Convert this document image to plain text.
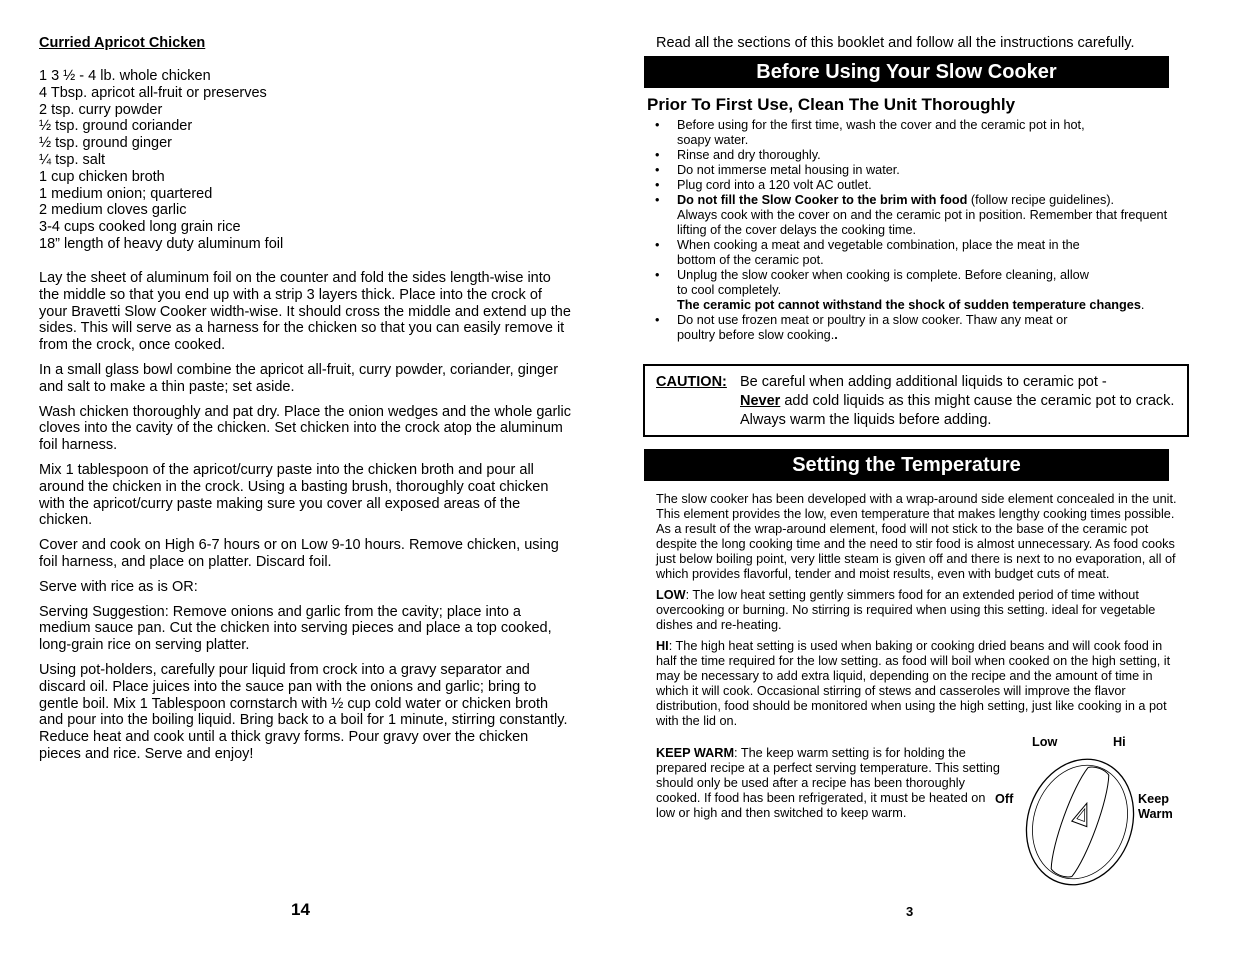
Curried Apricot Chicken
1 3 ½ - 4 lb. whole chicken
4 Tbsp. apricot all-fruit or preserves
2 tsp. curry powder
½ tsp. ground coriander
½ tsp. ground ginger
¼ tsp. salt
1 cup chicken broth
1 medium onion; quartered
2 medium cloves garlic
3-4 cups cooked long grain rice
18” length of heavy duty aluminum foil

Lay the sheet of aluminum foil on the counter and fold the sides length-wise into the middle so that you end up with a strip 3 layers thick. Place into the crock of your Bravetti Slow Cooker width-wise. It should cross the middle and extend up the sides. This will serve as a harness for the chicken so that you can easily remove it from the crock, once cooked.

In a small glass bowl combine the apricot all-fruit, curry powder, coriander, ginger and salt to make a thin paste; set aside.

Wash chicken thoroughly and pat dry. Place the onion wedges and the whole garlic cloves into the cavity of the chicken. Set chicken into the crock atop the aluminum foil harness.

Mix 1 tablespoon of the apricot/curry paste into the chicken broth and pour all around the chicken in the crock. Using a basting brush, thoroughly coat chicken with the apricot/curry paste making sure you cover all exposed areas of the chicken.

Cover and cook on High 6-7 hours or on Low 9-10 hours. Remove chicken, using foil harness, and place on platter. Discard foil.

Serve with rice as is OR:

Serving Suggestion: Remove onions and garlic from the cavity; place into a medium sauce pan. Cut the chicken into serving pieces and place a top cooked, long-grain rice on serving platter.

Using pot-holders, carefully pour liquid from crock into a gravy separator and discard oil. Place juices into the sauce pan with the onions and garlic; bring to gentle boil. Mix 1 Tablespoon cornstarch with ½ cup cold water or chicken broth and pour into the boiling liquid. Bring back to a boil for 1 minute, stirring constantly. Reduce heat and cook until a thick gravy forms. Pour gravy over the chicken pieces and rice. Serve and enjoy!

14
Read all the sections of this booklet and follow all the instructions carefully.
Before Using Your Slow Cooker
Prior To First Use, Clean The Unit Thoroughly
• Before using for the first time, wash the cover and the ceramic pot in hot,
soapy water.
• Rinse and dry thoroughly.
• Do not immerse metal housing in water.
• Plug cord into a 120 volt AC outlet.
• Do not fill the Slow Cooker to the brim with food (follow recipe guidelines).
Always cook with the cover on and the ceramic pot in position. Remember that frequent lifting of the cover delays the cooking time.
• When cooking a meat and vegetable combination, place the meat in the
bottom of the ceramic pot.
• Unplug the slow cooker when cooking is complete. Before cleaning, allow
to cool completely.
The ceramic pot cannot withstand the shock of sudden temperature changes.
• Do not use frozen meat or poultry in a slow cooker. Thaw any meat or
poultry before slow cooking..
CAUTION: Be careful when adding additional liquids to ceramic pot -
Never add cold liquids as this might cause the ceramic pot to crack. Always warm the liquids before adding.
Setting the Temperature

The slow cooker has been developed with a wrap-around side element concealed in the unit. This element provides the low, even temperature that makes lengthy cooking times possible. As a result of the wrap-around element, food will not stick to the base of the ceramic pot despite the long cooking time and the need to stir food is almost unnecessary. As food cooks just below boiling point, very little steam is given off and there is next to no evaporation, all of which provides flavorful, tender and moist results, even with budget cuts of meat.

LOW: The low heat setting gently simmers food for an extended period of time without overcooking or burning. No stirring is required when using this setting. ideal for vegetable dishes and re-heating.

HI: The high heat setting is used when baking or cooking dried beans and will cook food in half the time required for the low setting. as food will boil when cooked on the high setting, it may be necessary to add extra liquid, depending on the recipe and the amount of time in which it will cook. Occasional stirring of stews and casseroles will improve the flavor distribution, food should be monitored when using the high setting, just like cooking in a pot with the lid on.

KEEP WARM: The keep warm setting is for holding the prepared recipe at a perfect serving temperature. This setting should only be used after a recipe has been thoroughly cooked. If food has been refrigerated, it must be heated on low or high and then switched to keep warm.
Low	Hi
Off	Keep
Warm
3
